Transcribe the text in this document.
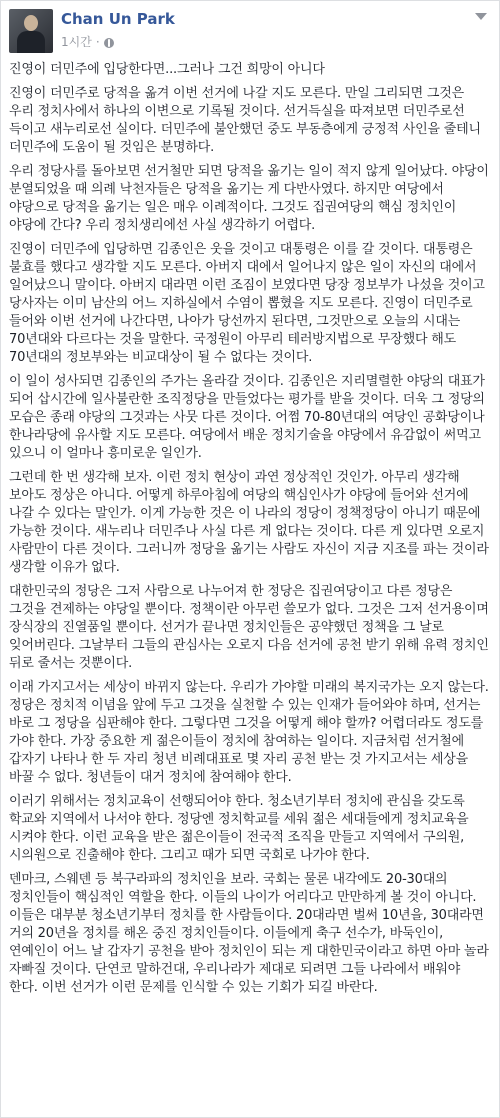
Chan Un Park
1시간 ·

진영이 더민주에 입당한다면...그러나 그건 희망이 아니다

진영이 더민주로 당적을 옮겨 이번 선거에 나갈 지도 모른다. 만일 그리되면 그것은 우리 정치사에서 하나의 이변으로 기록될 것이다. 선거득실을 따져보면 더민주로선 득이고 새누리로선 실이다. 더민주에 불안했던 중도 부동층에게 긍정적 사인을 줄테니 더민주에 도움이 될 것임은 분명하다.

우리 정당사를 돌아보면 선거철만 되면 당적을 옮기는 일이 적지 않게 일어났다. 야당이 분열되었을 때 의례 낙천자들은 당적을 옮기는 게 다반사였다. 하지만 여당에서 야당으로 당적을 옮기는 일은 매우 이례적이다. 그것도 집권여당의 핵심 정치인이 야당에 간다? 우리 정치생리에선 사실 생각하기 어렵다.

진영이 더민주에 입당하면 김종인은 웃을 것이고 대통령은 이를 갈 것이다. 대통령은 불효를 했다고 생각할 지도 모른다. 아버지 대에서 일어나지 않은 일이 자신의 대에서 일어났으니 말이다. 아버지 대라면 이런 조짐이 보였다면 당장 정보부가 나섰을 것이고 당사자는 이미 남산의 어느 지하실에서 수염이 뽑혔을 지도 모른다. 진영이 더민주로 들어와 이번 선거에 나간다면, 나아가 당선까지 된다면, 그것만으로 오늘의 시대는 70년대와 다르다는 것을 말한다. 국정원이 아무리 테러방지법으로 무장했다 해도 70년대의 정보부와는 비교대상이 될 수 없다는 것이다.

이 일이 성사되면 김종인의 주가는 올라갈 것이다. 김종인은 지리멸렬한 야당의 대표가 되어 삽시간에 일사불란한 조직정당을 만들었다는 평가를 받을 것이다. 더욱 그 정당의 모습은 종래 야당의 그것과는 사뭇 다른 것이다. 어쩜 70-80년대의 여당인 공화당이나 한나라당에 유사할 지도 모른다. 여당에서 배운 정치기술을 야당에서 유감없이 써먹고 있으니 이 얼마나 흥미로운 일인가.

그런데 한 번 생각해 보자. 이런 정치 현상이 과연 정상적인 것인가. 아무리 생각해 보아도 정상은 아니다. 어떻게 하루아침에 여당의 핵심인사가 야당에 들어와 선거에 나갈 수 있다는 말인가. 이게 가능한 것은 이 나라의 정당이 정책정당이 아니기 때문에 가능한 것이다. 새누리나 더민주나 사실 다른 게 없다는 것이다. 다른 게 있다면 오로지 사람만이 다른 것이다. 그러니까 정당을 옮기는 사람도 자신이 지금 지조를 파는 것이라 생각할 이유가 없다.

대한민국의 정당은 그저 사람으로 나누어져 한 정당은 집권여당이고 다른 정당은 그것을 견제하는 야당일 뿐이다. 정책이란 아무런 쓸모가 없다. 그것은 그저 선거용이며 장식장의 진열품일 뿐이다. 선거가 끝나면 정치인들은 공약했던 정책을 그 날로 잊어버린다. 그날부터 그들의 관심사는 오로지 다음 선거에 공천 받기 위해 유력 정치인 뒤로 줄서는 것뿐이다.

이래 가지고서는 세상이 바뀌지 않는다. 우리가 가야할 미래의 복지국가는 오지 않는다. 정당은 정치적 이념을 앞에 두고 그것을 실천할 수 있는 인재가 들어와야 하며, 선거는 바로 그 정당을 심판해야 한다. 그렇다면 그것을 어떻게 해야 할까? 어렵더라도 정도를 가야 한다. 가장 중요한 게 젊은이들이 정치에 참여하는 일이다. 지금처럼 선거철에 갑자기 나타나 한 두 자리 청년 비례대표로 몇 자리 공천 받는 것 가지고서는 세상을 바꿀 수 없다. 청년들이 대거 정치에 참여해야 한다.

이러기 위해서는 정치교육이 선행되어야 한다. 청소년기부터 정치에 관심을 갖도록 학교와 지역에서 나서야 한다. 정당엔 정치학교를 세워 젊은 세대들에게 정치교육을 시켜야 한다. 이런 교육을 받은 젊은이들이 전국적 조직을 만들고 지역에서 구의원, 시의원으로 진출해야 한다. 그리고 때가 되면 국회로 나가야 한다.

덴마크, 스웨덴 등 북구라파의 정치인을 보라. 국회는 물론 내각에도 20-30대의 정치인들이 핵심적인 역할을 한다. 이들의 나이가 어리다고 만만하게 볼 것이 아니다. 이들은 대부분 청소년기부터 정치를 한 사람들이다. 20대라면 벌써 10년을, 30대라면 거의 20년을 정치를 해온 중진 정치인들이다. 이들에게 축구 선수가, 바둑인이, 연예인이 어느 날 갑자기 공천을 받아 정치인이 되는 게 대한민국이라고 하면 아마 놀라 자빠질 것이다. 단연코 말하건대, 우리나라가 제대로 되려면 그들 나라에서 배워야 한다. 이번 선거가 이런 문제를 인식할 수 있는 기회가 되길 바란다.
